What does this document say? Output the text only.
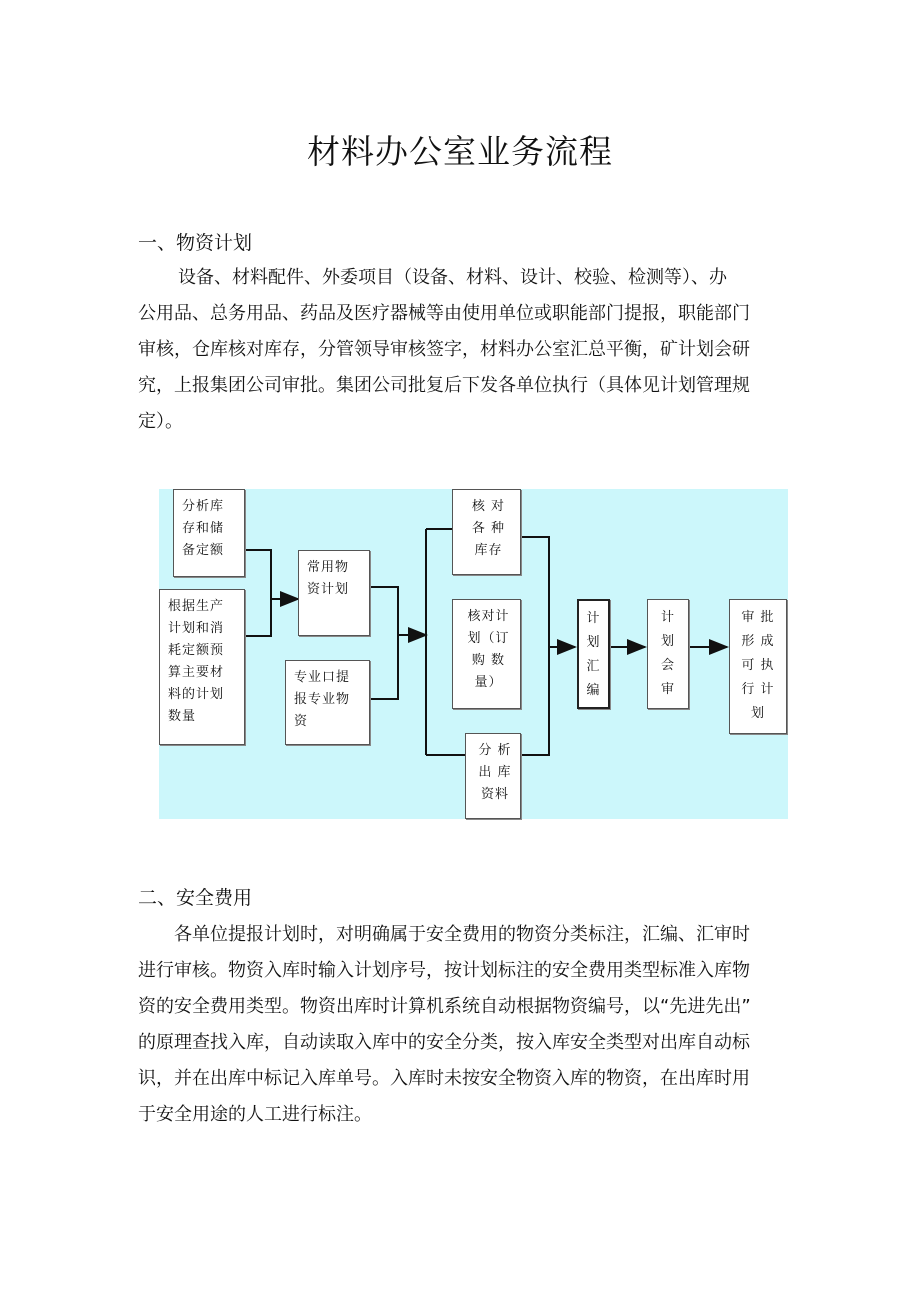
材料办公室业务流程
一、物资计划
设备、材料配件、外委项目（设备、材料、设计、校验、检测等）、办
公用品、总务用品、药品及医疗器械等由使用单位或职能部门提报，职能部门
审核，仓库核对库存，分管领导审核签字，材料办公室汇总平衡，矿计划会研
究，上报集团公司审批。集团公司批复后下发各单位执行（具体见计划管理规
定）。
分析库
存和储
备定额
根据生产
计划和消
耗定额预
算主要材
料的计划
数量
常用物
资计划
专业口提
报专业物
资
核 对
各 种
库存
核对计
划（订
购 数
量）
分 析
出 库
资料
计
划
汇
编
计
划
会
审
审 批
形 成
可 执
行 计
划
二、安全费用
各单位提报计划时，对明确属于安全费用的物资分类标注，汇编、汇审时
进行审核。物资入库时输入计划序号，按计划标注的安全费用类型标准入库物
资的安全费用类型。物资出库时计算机系统自动根据物资编号，以“先进先出”
的原理查找入库，自动读取入库中的安全分类，按入库安全类型对出库自动标
识，并在出库中标记入库单号。入库时未按安全物资入库的物资，在出库时用
于安全用途的人工进行标注。
